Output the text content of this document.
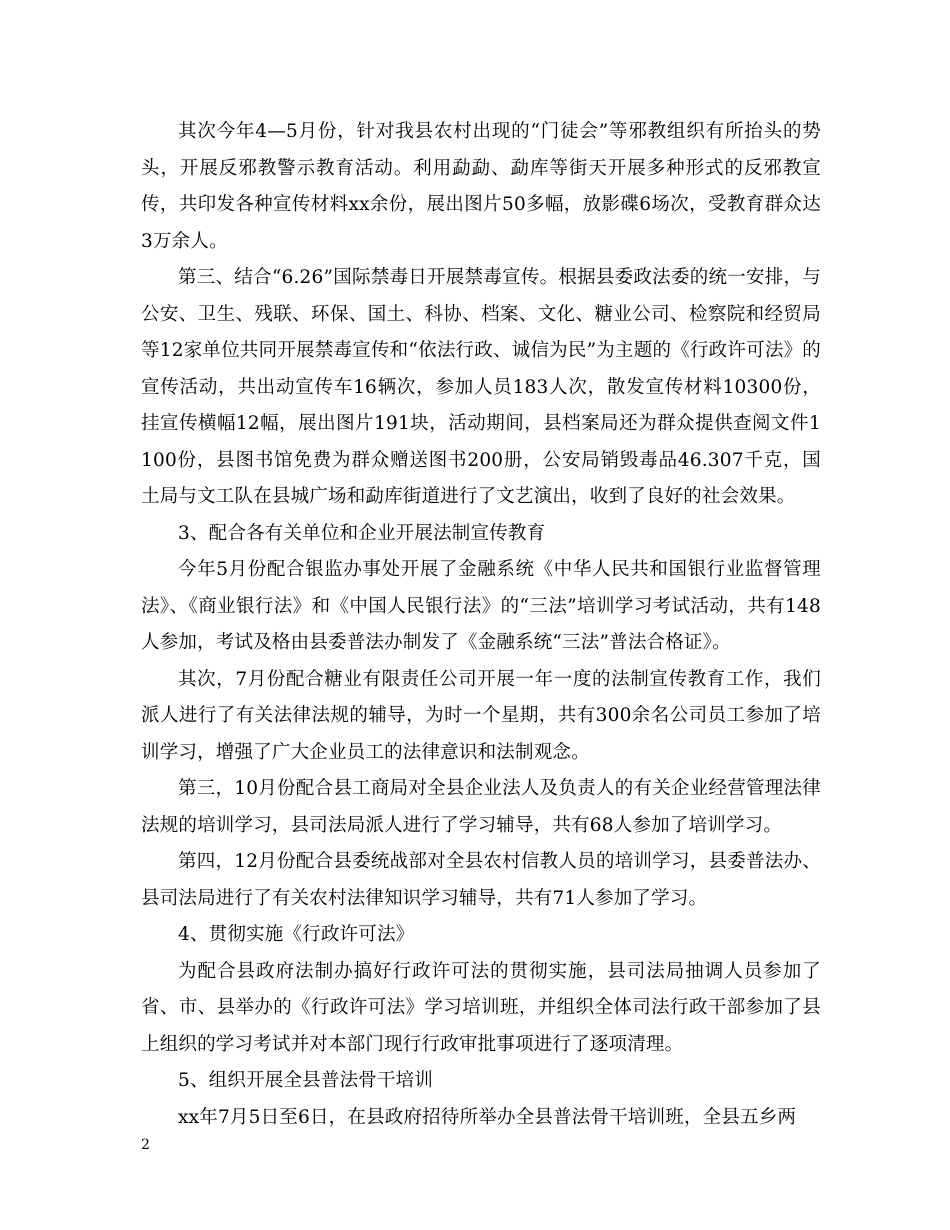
其次今年4—5月份，针对我县农村出现的“门徒会”等邪教组织有所抬头的势头，开展反邪教警示教育活动。利用勐勐、勐库等街天开展多种形式的反邪教宣传，共印发各种宣传材料xx余份，展出图片50多幅，放影碟6场次，受教育群众达3万余人。

第三、结合“6.26”国际禁毒日开展禁毒宣传。根据县委政法委的统一安排，与公安、卫生、残联、环保、国土、科协、档案、文化、糖业公司、检察院和经贸局等12家单位共同开展禁毒宣传和“依法行政、诚信为民”为主题的《行政许可法》的宣传活动，共出动宣传车16辆次，参加人员183人次，散发宣传材料10300份，挂宣传横幅12幅，展出图片191块，活动期间，县档案局还为群众提供查阅文件1100份，县图书馆免费为群众赠送图书200册，公安局销毁毒品46.307千克，国土局与文工队在县城广场和勐库街道进行了文艺演出，收到了良好的社会效果。

3、配合各有关单位和企业开展法制宣传教育

今年5月份配合银监办事处开展了金融系统《中华人民共和国银行业监督管理法》、《商业银行法》和《中国人民银行法》的“三法”培训学习考试活动，共有148人参加，考试及格由县委普法办制发了《金融系统“三法”普法合格证》。

其次，7月份配合糖业有限责任公司开展一年一度的法制宣传教育工作，我们派人进行了有关法律法规的辅导，为时一个星期，共有300余名公司员工参加了培训学习，增强了广大企业员工的法律意识和法制观念。

第三，10月份配合县工商局对全县企业法人及负责人的有关企业经营管理法律法规的培训学习，县司法局派人进行了学习辅导，共有68人参加了培训学习。

第四，12月份配合县委统战部对全县农村信教人员的培训学习，县委普法办、县司法局进行了有关农村法律知识学习辅导，共有71人参加了学习。

4、贯彻实施《行政许可法》

为配合县政府法制办搞好行政许可法的贯彻实施，县司法局抽调人员参加了省、市、县举办的《行政许可法》学习培训班，并组织全体司法行政干部参加了县上组织的学习考试并对本部门现行行政审批事项进行了逐项清理。

5、组织开展全县普法骨干培训

xx年7月5日至6日，在县政府招待所举办全县普法骨干培训班，全县五乡两

2
